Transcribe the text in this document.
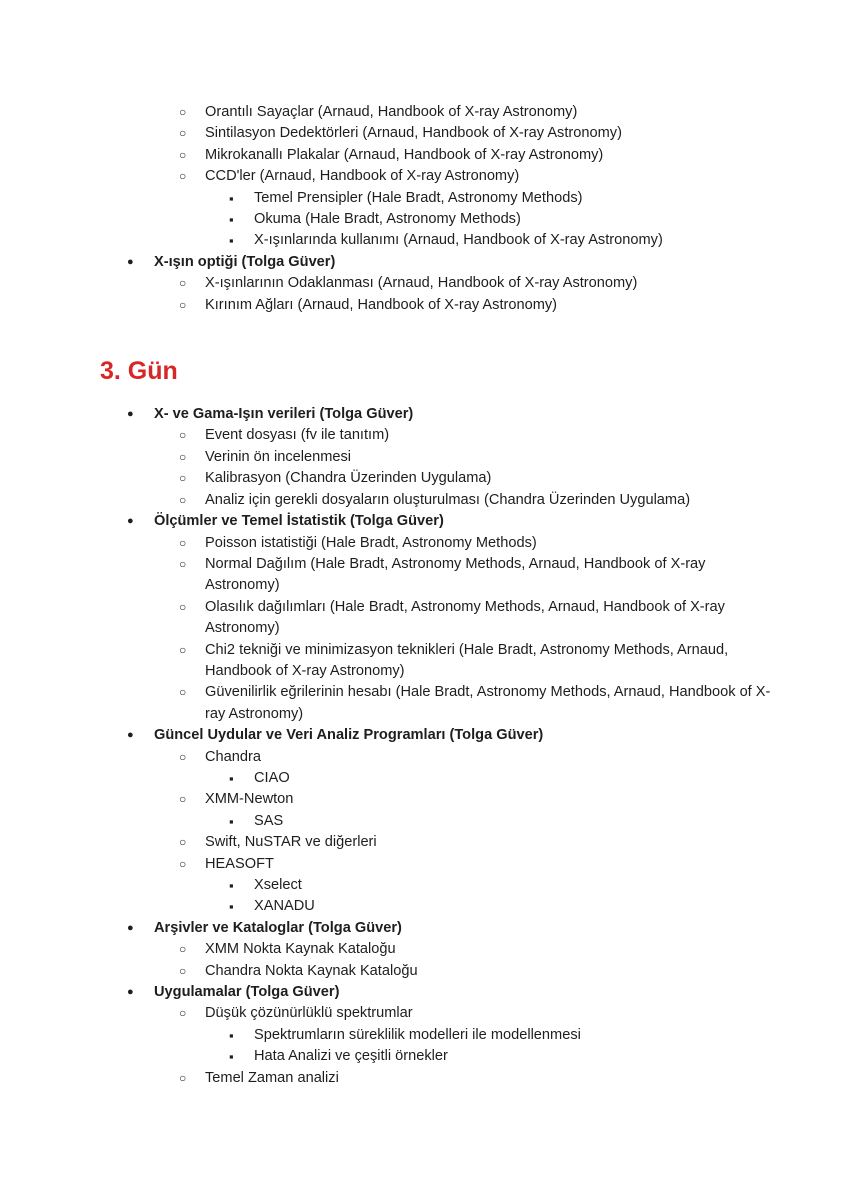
○ Orantılı Sayaçlar (Arnaud, Handbook of X-ray Astronomy)
○ Sintilasyon Dedektörleri (Arnaud, Handbook of X-ray Astronomy)
○ Mikrokanallı Plakalar (Arnaud, Handbook of X-ray Astronomy)
○ CCD'ler (Arnaud, Handbook of X-ray Astronomy)
▪ Temel Prensipler (Hale Bradt, Astronomy Methods)
▪ Okuma (Hale Bradt, Astronomy Methods)
▪ X-ışınlarında kullanımı (Arnaud, Handbook of X-ray Astronomy)
● X-ışın optiği (Tolga Güver)
○ X-ışınlarının Odaklanması (Arnaud, Handbook of X-ray Astronomy)
○ Kırınım Ağları (Arnaud, Handbook of X-ray Astronomy)
3. Gün
● X- ve Gama-Işın verileri (Tolga Güver)
○ Event dosyası (fv ile tanıtım)
○ Verinin ön incelenmesi
○ Kalibrasyon (Chandra Üzerinden Uygulama)
○ Analiz için gerekli dosyaların oluşturulması (Chandra Üzerinden Uygulama)
● Ölçümler ve Temel İstatistik (Tolga Güver)
○ Poisson istatistiği (Hale Bradt, Astronomy Methods)
○ Normal Dağılım (Hale Bradt, Astronomy Methods, Arnaud, Handbook of X-ray Astronomy)
○ Olasılık dağılımları (Hale Bradt, Astronomy Methods, Arnaud, Handbook of X-ray Astronomy)
○ Chi2 tekniği ve minimizasyon teknikleri (Hale Bradt, Astronomy Methods, Arnaud, Handbook of X-ray Astronomy)
○ Güvenilirlik eğrilerinin hesabı (Hale Bradt, Astronomy Methods, Arnaud, Handbook of X-ray Astronomy)
● Güncel Uydular ve Veri Analiz Programları (Tolga Güver)
○ Chandra
▪ CIAO
○ XMM-Newton
▪ SAS
○ Swift, NuSTAR ve diğerleri
○ HEASOFT
▪ Xselect
▪ XANADU
● Arşivler ve Kataloglar (Tolga Güver)
○ XMM Nokta Kaynak Kataloğu
○ Chandra Nokta Kaynak Kataloğu
● Uygulamalar (Tolga Güver)
○ Düşük çözünürlüklü spektrumlar
▪ Spektrumların süreklilik modelleri ile modellenmesi
▪ Hata Analizi ve çeşitli örnekler
○ Temel Zaman analizi
